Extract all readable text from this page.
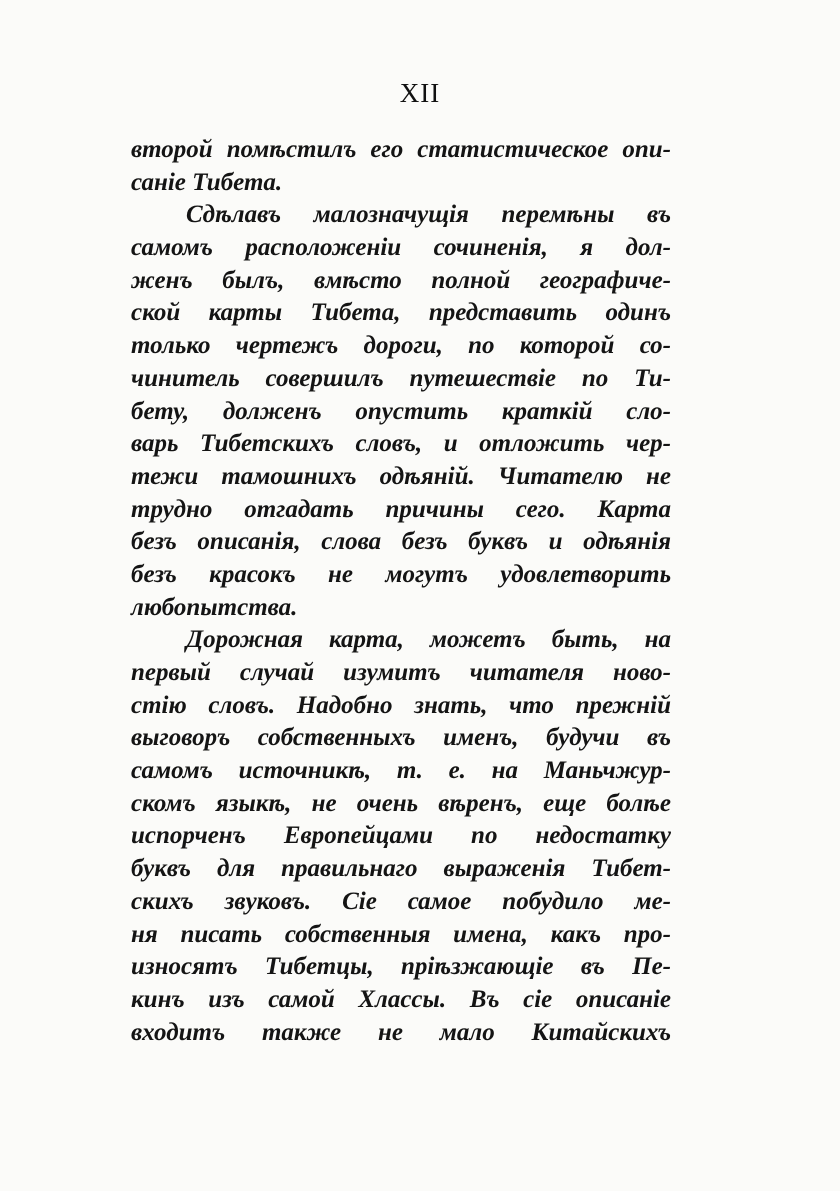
XII
второй помѣстилъ его статистическое опи-
санiе Тибета.
Сдѣлавъ малозначущiя перемѣны въ
самомъ расположенiи сочиненiя, я дол-
женъ былъ, вмѣсто полной географиче-
ской карты Тибета, представить одинъ
только чертежъ дороги, по которой со-
чинитель совершилъ путешествiе по Ти-
бету, долженъ опустить краткiй сло-
варь Тибетскихъ словъ, и отложить чер-
тежи тамошнихъ одѣянiй. Читателю не
трудно отгадать причины сего. Карта
безъ описанiя, слова безъ буквъ и одѣянiя
безъ красокъ не могутъ удовлетворить
любопытства.
Дорожная карта, можетъ быть, на
первый случай изумитъ читателя ново-
стiю словъ. Надобно знать, что прежнiй
выговоръ собственныхъ именъ, будучи въ
самомъ источникѣ, т. е. на Маньчжур-
скомъ языкѣ, не очень вѣренъ, еще болѣе
испорченъ Европейцами по недостатку
буквъ для правильнаго выраженiя Тибет-
скихъ звуковъ. Сiе самое побудило ме-
ня писать собственныя имена, какъ про-
износятъ Тибетцы, прiѣзжающiе въ Пе-
кинъ изъ самой Хлассы. Въ сiе описанiе
входитъ также не мало Китайскихъ
